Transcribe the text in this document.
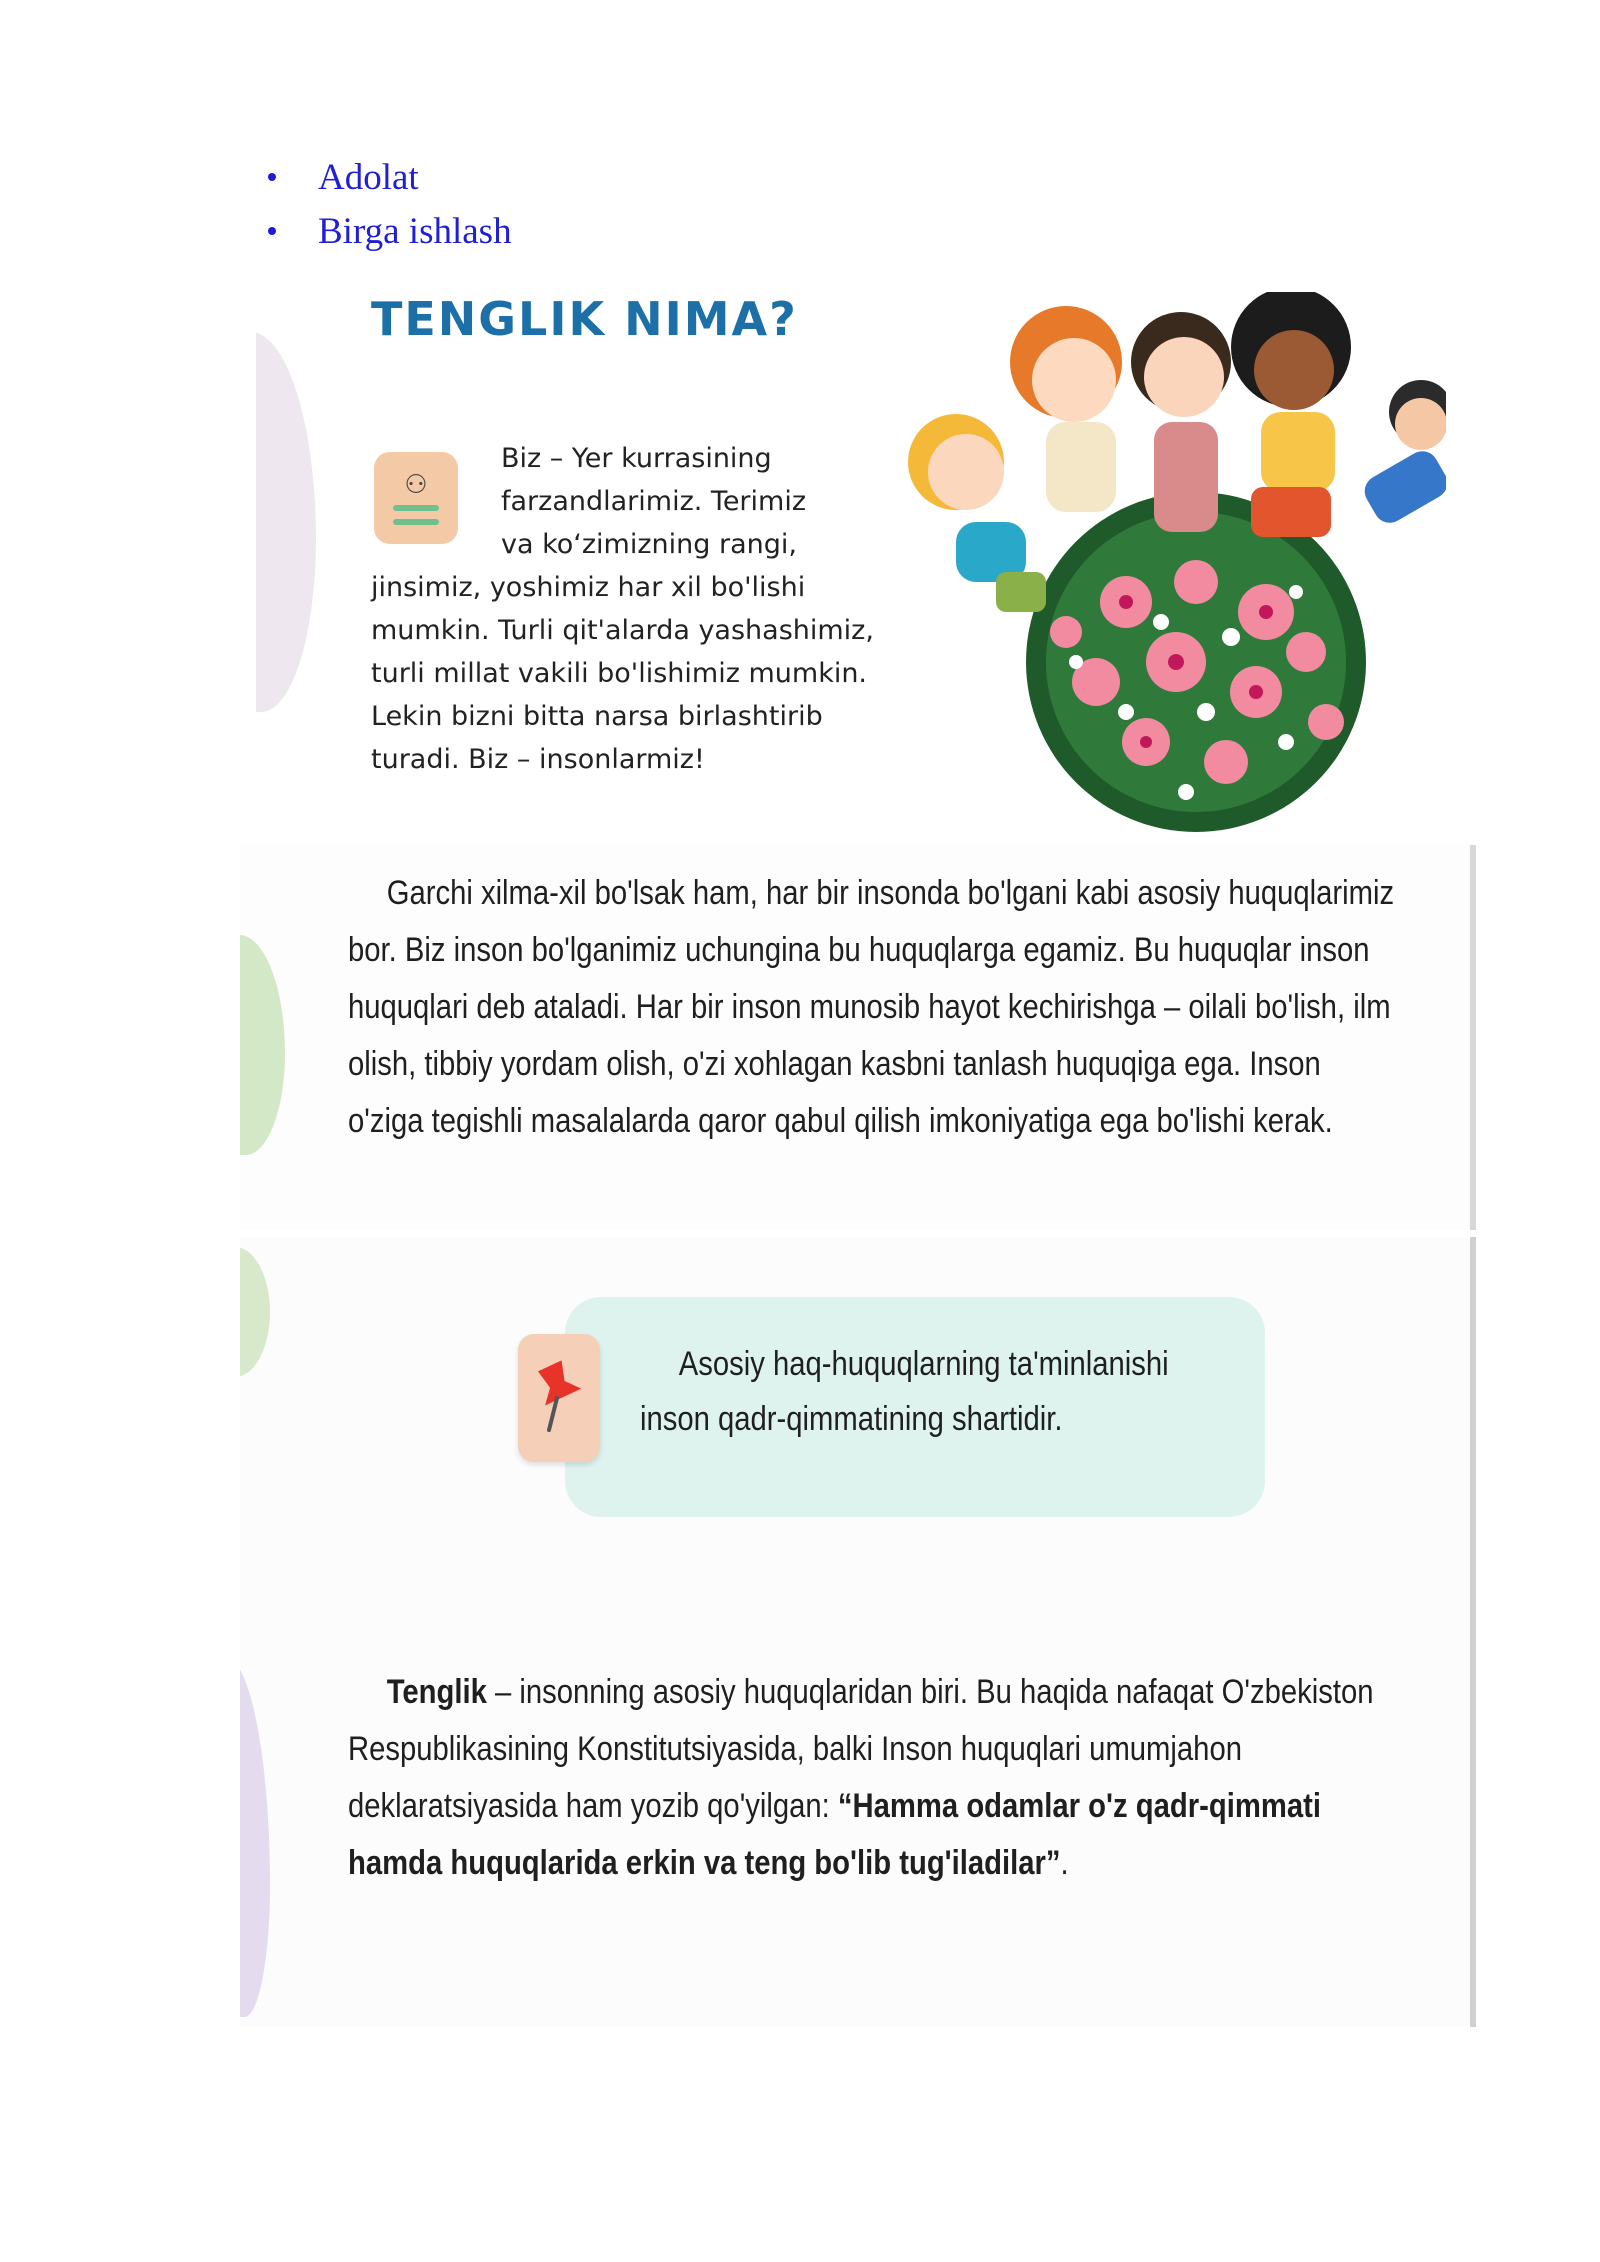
Adolat
Birga ishlash
TENGLIK NIMA?
⚇

Biz – Yer kurrasining
farzandlarimiz. Terimiz
va ko‘zimizning rangi,
jinsimiz, yoshimiz har xil bo'lishi
mumkin. Turli qit'alarda yashashimiz,
turli millat vakili bo'lishimiz mumkin.
Lekin bizni bitta narsa birlashtirib
turadi. Biz – insonlarmiz!

Garchi xilma-xil bo'lsak ham, har bir insonda bo'lgani kabi asosiy huquqlarimiz bor. Biz inson bo'lganimiz uchungina bu huquqlarga egamiz. Bu huquqlar inson huquqlari deb ataladi. Har bir inson munosib hayot kechirishga – oilali bo'lish, ilm olish, tibbiy yordam olish, o'zi xohlagan kasbni tanlash huquqiga ega. Inson o'ziga tegishli masalalarda qaror qabul qilish imkoniyatiga ega bo'lishi kerak.

Asosiy haq-huquqlarning ta'minlanishi inson qadr-qimmatining shartidir.

Tenglik – insonning asosiy huquqlaridan biri. Bu haqida nafaqat O'zbekiston Respublikasining Konstitutsiyasida, balki Inson huquqlari umumjahon deklaratsiyasida ham yozib qo'yilgan: “Hamma odamlar o'z qadr-qimmati hamda huquqlarida erkin va teng bo'lib tug'iladilar”.
